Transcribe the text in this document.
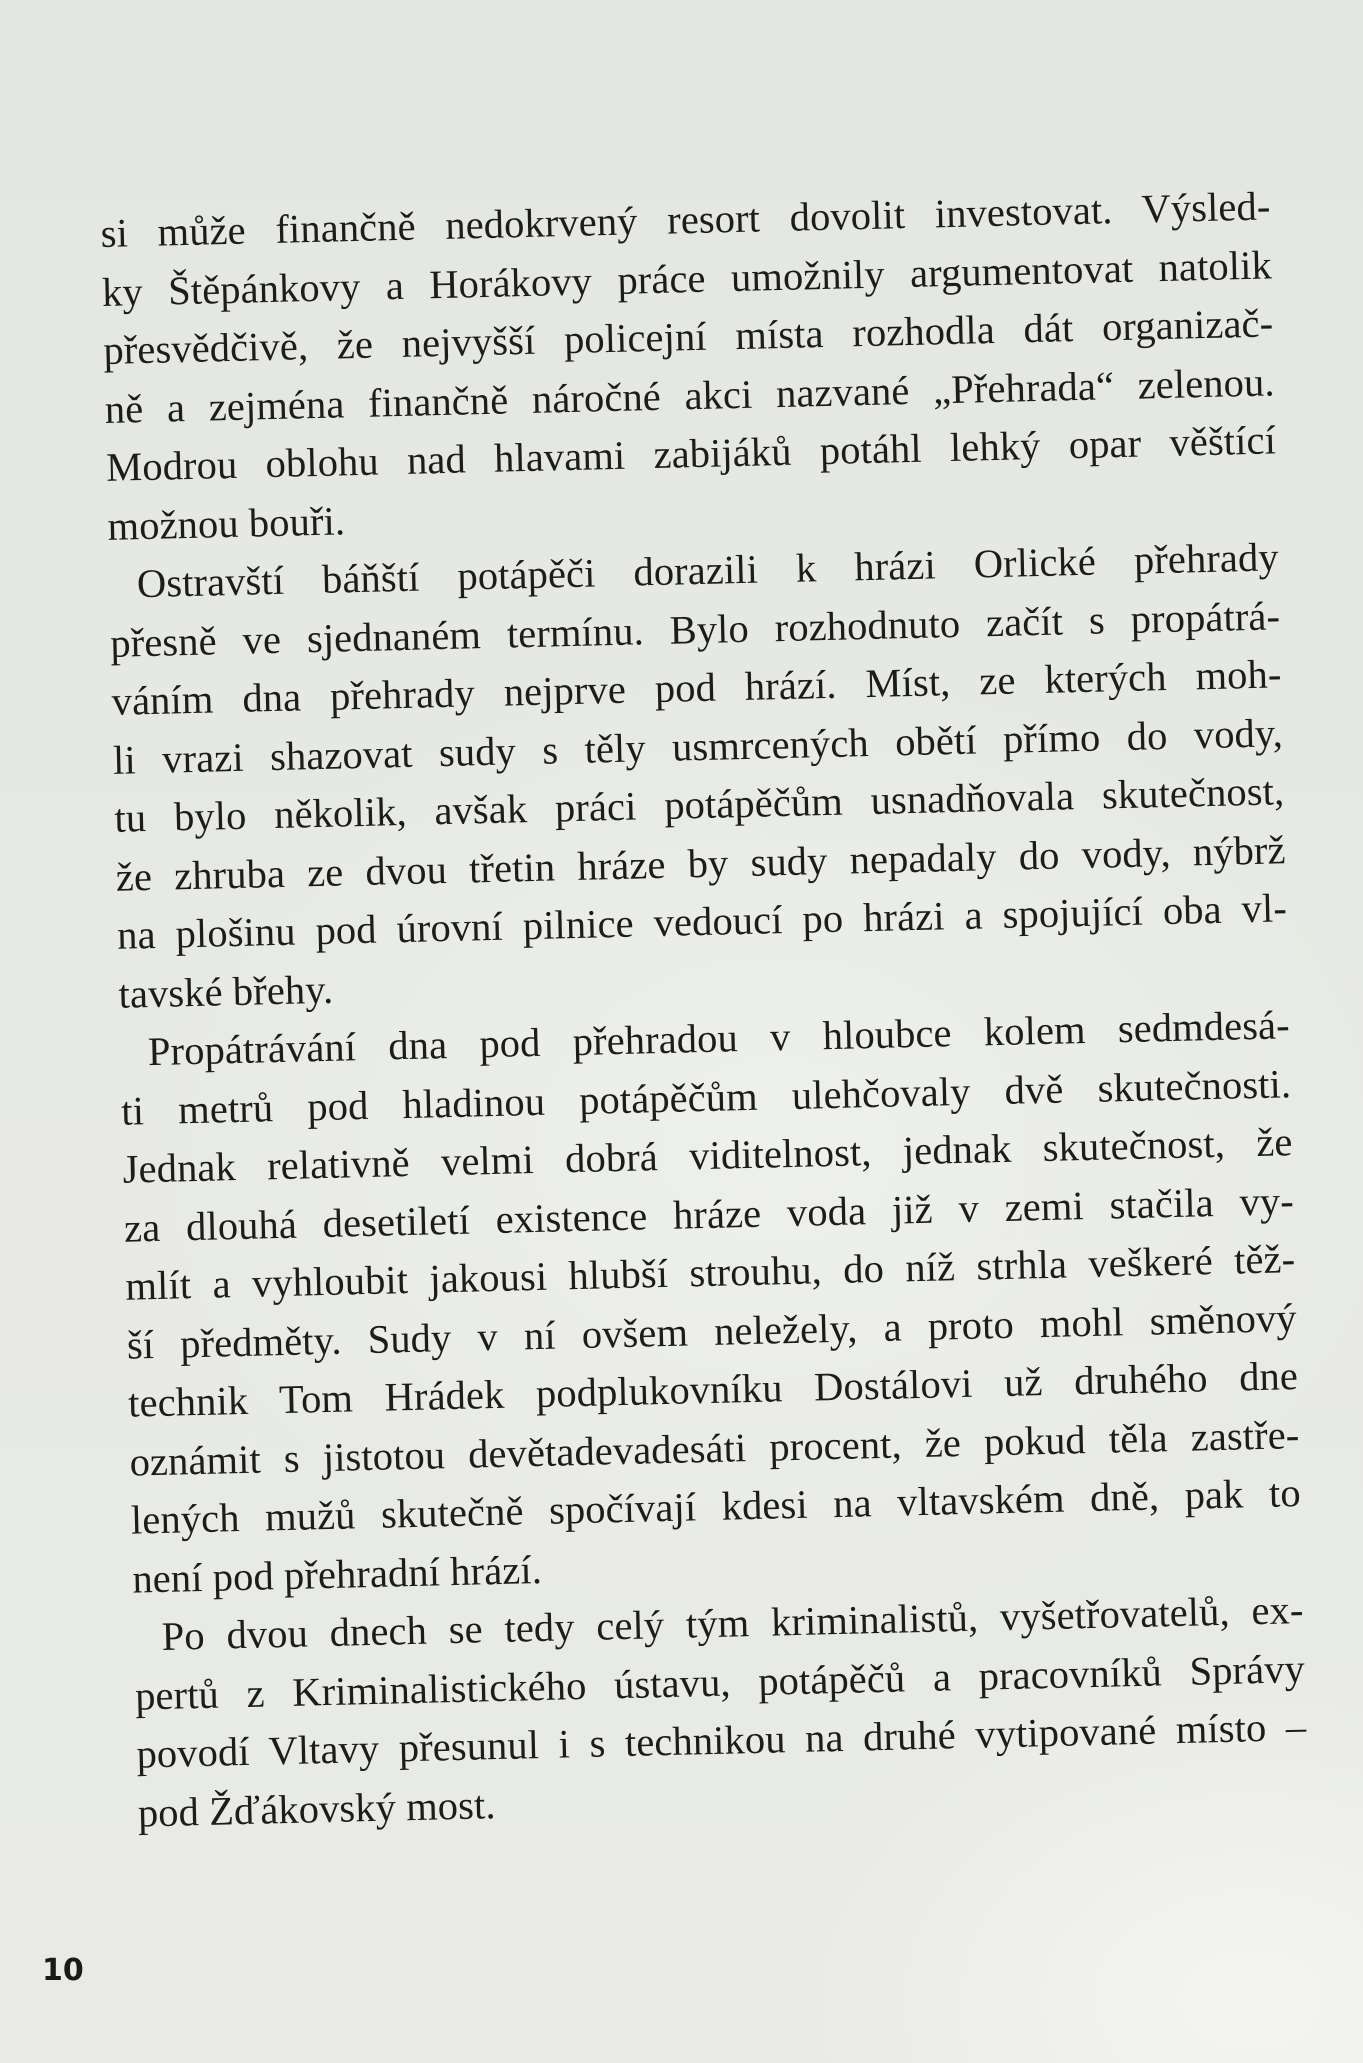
si může finančně nedokrvený resort dovolit investovat. Výsled-
ky Štěpánkovy a Horákovy práce umožnily argumentovat natolik
přesvědčivě, že nejvyšší policejní místa rozhodla dát organizač-
ně a zejména finančně náročné akci nazvané „Přehrada“ zelenou.
Modrou oblohu nad hlavami zabijáků potáhl lehký opar věštící
možnou bouři.
Ostravští báňští potápěči dorazili k hrázi Orlické přehrady
přesně ve sjednaném termínu. Bylo rozhodnuto začít s propátrá-
váním dna přehrady nejprve pod hrází. Míst, ze kterých moh-
li vrazi shazovat sudy s těly usmrcených obětí přímo do vody,
tu bylo několik, avšak práci potápěčům usnadňovala skutečnost,
že zhruba ze dvou třetin hráze by sudy nepadaly do vody, nýbrž
na plošinu pod úrovní pilnice vedoucí po hrázi a spojující oba vl-
tavské břehy.
Propátrávání dna pod přehradou v hloubce kolem sedmdesá-
ti metrů pod hladinou potápěčům ulehčovaly dvě skutečnosti.
Jednak relativně velmi dobrá viditelnost, jednak skutečnost, že
za dlouhá desetiletí existence hráze voda již v zemi stačila vy-
mlít a vyhloubit jakousi hlubší strouhu, do níž strhla veškeré těž-
ší předměty. Sudy v ní ovšem neležely, a proto mohl směnový
technik Tom Hrádek podplukovníku Dostálovi už druhého dne
oznámit s jistotou devětadevadesáti procent, že pokud těla zastře-
lených mužů skutečně spočívají kdesi na vltavském dně, pak to
není pod přehradní hrází.
Po dvou dnech se tedy celý tým kriminalistů, vyšetřovatelů, ex-
pertů z Kriminalistického ústavu, potápěčů a pracovníků Správy
povodí Vltavy přesunul i s technikou na druhé vytipované místo –
pod Žďákovský most.
10
